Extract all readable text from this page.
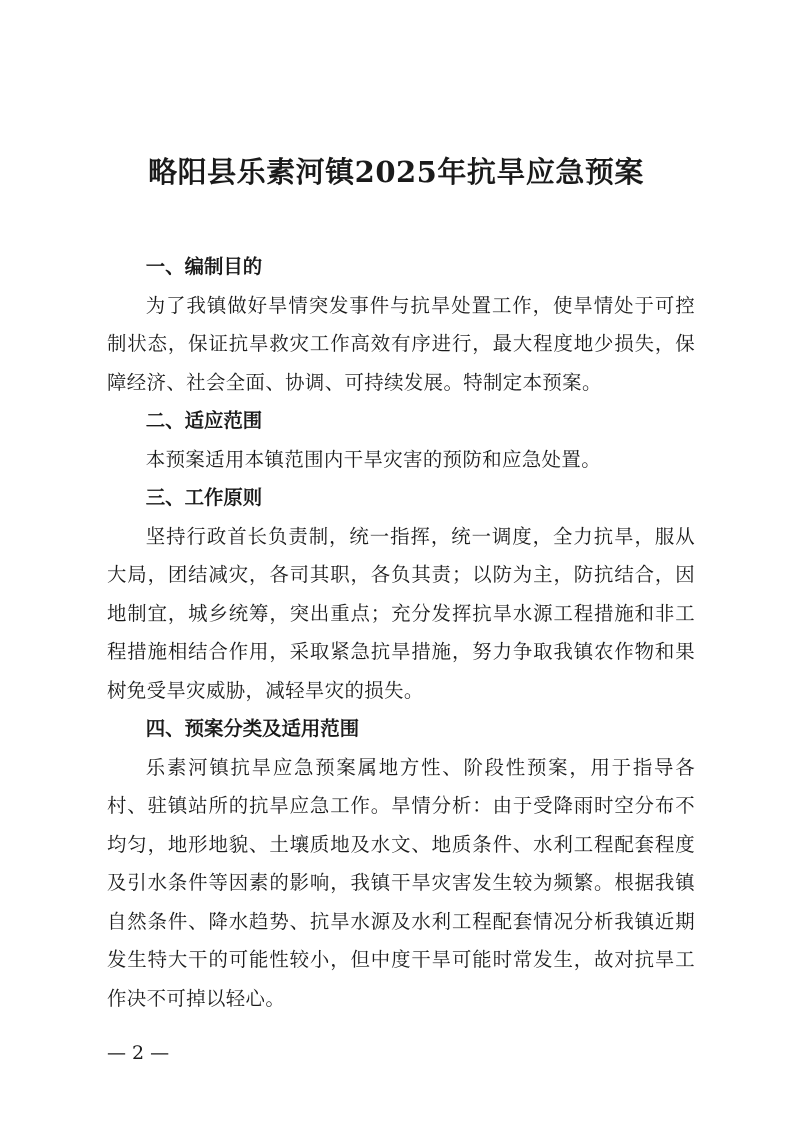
略阳县乐素河镇2025年抗旱应急预案

一、编制目的

为了我镇做好旱情突发事件与抗旱处置工作，使旱情处于可控制状态，保证抗旱救灾工作高效有序进行，最大程度地少损失，保障经济、社会全面、协调、可持续发展。特制定本预案。

二、适应范围

本预案适用本镇范围内干旱灾害的预防和应急处置。

三、工作原则

坚持行政首长负责制，统一指挥，统一调度，全力抗旱，服从大局，团结减灾，各司其职，各负其责；以防为主，防抗结合，因地制宜，城乡统筹，突出重点；充分发挥抗旱水源工程措施和非工程措施相结合作用，采取紧急抗旱措施，努力争取我镇农作物和果树免受旱灾威胁，减轻旱灾的损失。

四、预案分类及适用范围

乐素河镇抗旱应急预案属地方性、阶段性预案，用于指导各村、驻镇站所的抗旱应急工作。旱情分析：由于受降雨时空分布不均匀，地形地貌、土壤质地及水文、地质条件、水利工程配套程度及引水条件等因素的影响，我镇干旱灾害发生较为频繁。根据我镇自然条件、降水趋势、抗旱水源及水利工程配套情况分析我镇近期发生特大干的可能性较小，但中度干旱可能时常发生，故对抗旱工作决不可掉以轻心。

— 2 —
